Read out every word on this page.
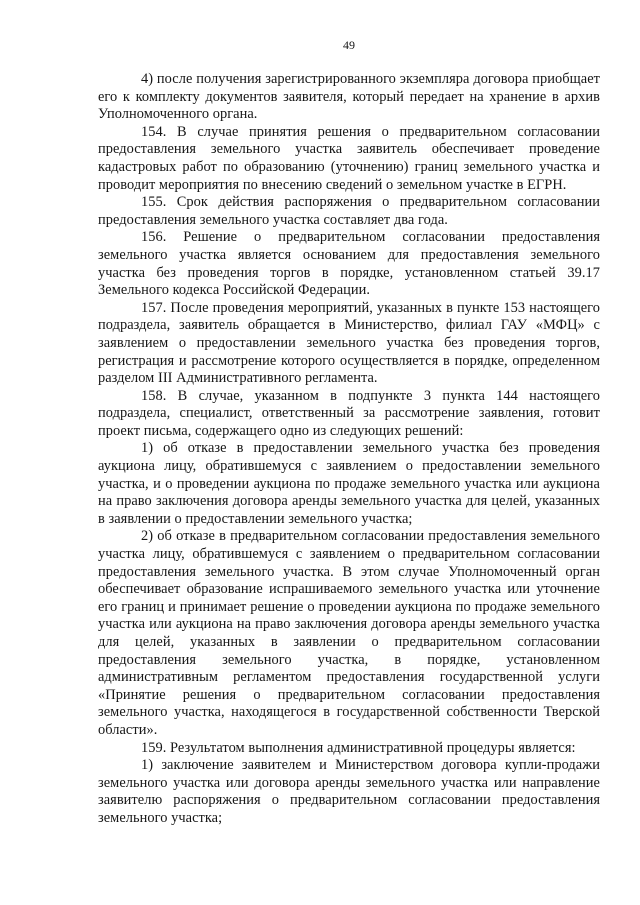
49

4) после получения зарегистрированного экземпляра договора приобщает его к комплекту документов заявителя, который передает на хранение в архив Уполномоченного органа.

154. В случае принятия решения о предварительном согласовании предоставления земельного участка заявитель обеспечивает проведение кадастровых работ по образованию (уточнению) границ земельного участка и проводит мероприятия по внесению сведений о земельном участке в ЕГРН.

155. Срок действия распоряжения о предварительном согласовании предоставления земельного участка составляет два года.

156. Решение о предварительном согласовании предоставления земельного участка является основанием для предоставления земельного участка без проведения торгов в порядке, установленном статьей 39.17 Земельного кодекса Российской Федерации.

157. После проведения мероприятий, указанных в пункте 153 настоящего подраздела, заявитель обращается в Министерство, филиал ГАУ «МФЦ» с заявлением о предоставлении земельного участка без проведения торгов, регистрация и рассмотрение которого осуществляется в порядке, определенном разделом III Административного регламента.

158. В случае, указанном в подпункте 3 пункта 144 настоящего подраздела, специалист, ответственный за рассмотрение заявления, готовит проект письма, содержащего одно из следующих решений:

1) об отказе в предоставлении земельного участка без проведения аукциона лицу, обратившемуся с заявлением о предоставлении земельного участка, и о проведении аукциона по продаже земельного участка или аукциона на право заключения договора аренды земельного участка для целей, указанных в заявлении о предоставлении земельного участка;

2) об отказе в предварительном согласовании предоставления земельного участка лицу, обратившемуся с заявлением о предварительном согласовании предоставления земельного участка. В этом случае Уполномоченный орган обеспечивает образование испрашиваемого земельного участка или уточнение его границ и принимает решение о проведении аукциона по продаже земельного участка или аукциона на право заключения договора аренды земельного участка для целей, указанных в заявлении о предварительном согласовании предоставления земельного участка, в порядке, установленном административным регламентом предоставления государственной услуги «Принятие решения о предварительном согласовании предоставления земельного участка, находящегося в государственной собственности Тверской области».

159. Результатом выполнения административной процедуры является:

1) заключение заявителем и Министерством договора купли-продажи земельного участка или договора аренды земельного участка или направление заявителю распоряжения о предварительном согласовании предоставления земельного участка;
